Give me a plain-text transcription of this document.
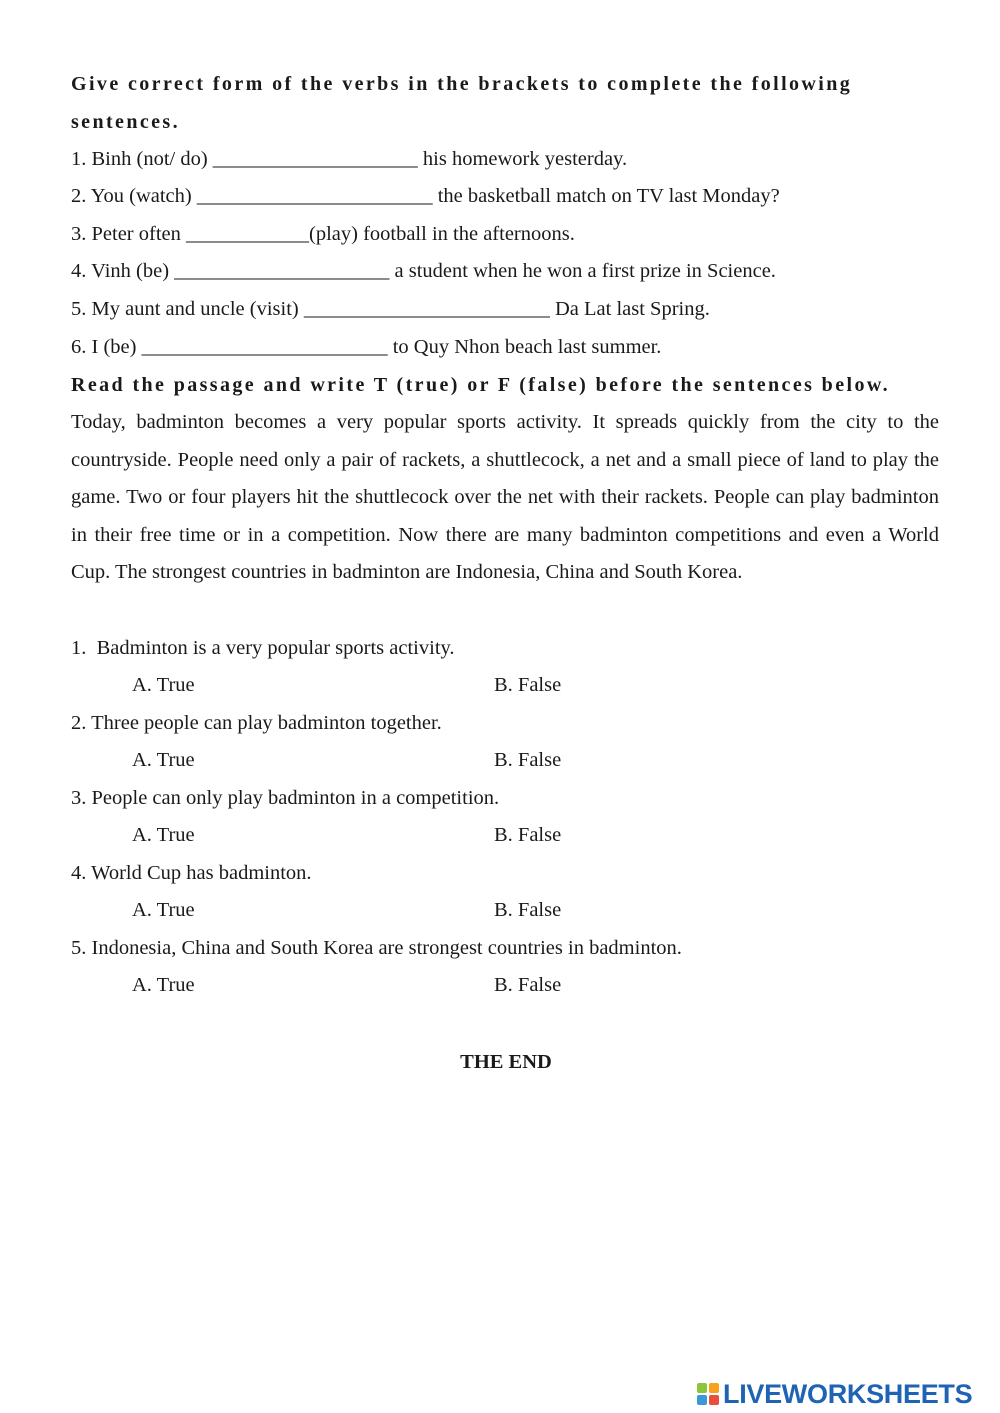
Give correct form of the verbs in the brackets to complete the following
sentences.
1. Binh (not/ do) ____________________ his homework yesterday.
2. You (watch) _______________________ the basketball match on TV last Monday?
3. Peter often ____________(play) football in the afternoons.
4. Vinh (be) _____________________ a student when he won a first prize in Science.
5. My aunt and uncle (visit) ________________________ Da Lat last Spring.
6. I (be) ________________________ to Quy Nhon beach last summer.
Read the passage and write T (true) or F (false) before the sentences below.
Today, badminton becomes a very popular sports activity. It spreads quickly from the city to the countryside. People need only a pair of rackets, a shuttlecock, a net and a small piece of land to play the game. Two or four players hit the shuttlecock over the net with their rackets. People can play badminton in their free time or in a competition. Now there are many badminton competitions and even a World Cup. The strongest countries in badminton are Indonesia, China and South Korea.
1.  Badminton is a very popular sports activity.
A. True	B. False
2. Three people can play badminton together.
A. True	B. False
3. People can only play badminton in a competition.
A. True	B. False
4. World Cup has badminton.
A. True	B. False
5. Indonesia, China and South Korea are strongest countries in badminton.
A. True	B. False
THE END
LIVEWORKSHEETS
